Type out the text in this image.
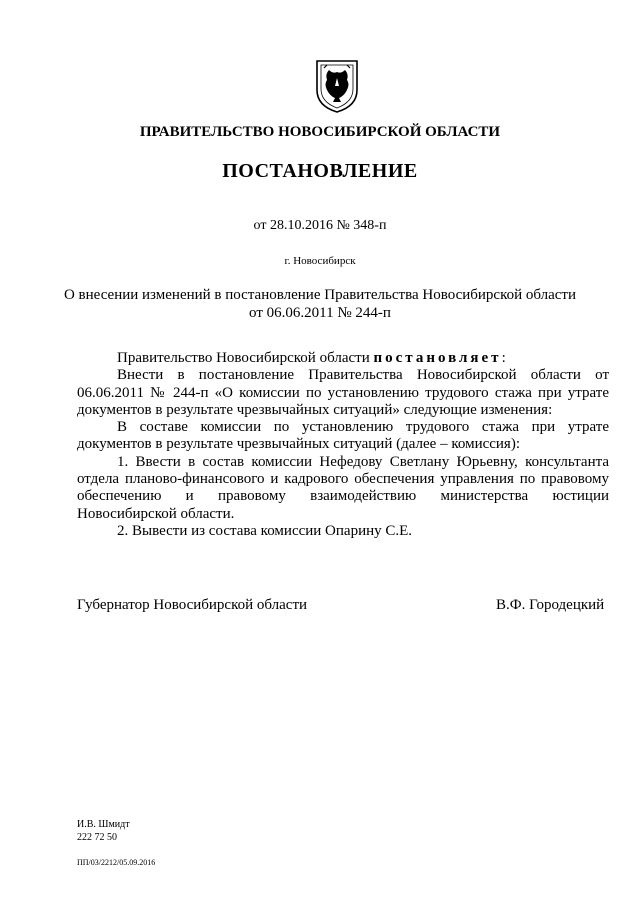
ПРАВИТЕЛЬСТВО НОВОСИБИРСКОЙ ОБЛАСТИ
ПОСТАНОВЛЕНИЕ
от 28.10.2016 № 348-п
г. Новосибирск
О внесении изменений в постановление Правительства Новосибирской области
от 06.06.2011 № 244-п

Правительство Новосибирской области постановляет:

Внести в постановление Правительства Новосибирской области от 06.06.2011 № 244-п «О комиссии по установлению трудового стажа при утрате документов в результате чрезвычайных ситуаций» следующие изменения:

В составе комиссии по установлению трудового стажа при утрате документов в результате чрезвычайных ситуаций (далее – комиссия):

1. Ввести в состав комиссии Нефедову Светлану Юрьевну, консультанта отдела планово-финансового и кадрового обеспечения управления по правовому обеспечению и правовому взаимодействию министерства юстиции Новосибирской области.

2. Вывести из состава комиссии Опарину С.Е.

Губернатор Новосибирской области	В.Ф. Городецкий
И.В. Шмидт
222 72 50
ПП/03/2212/05.09.2016
